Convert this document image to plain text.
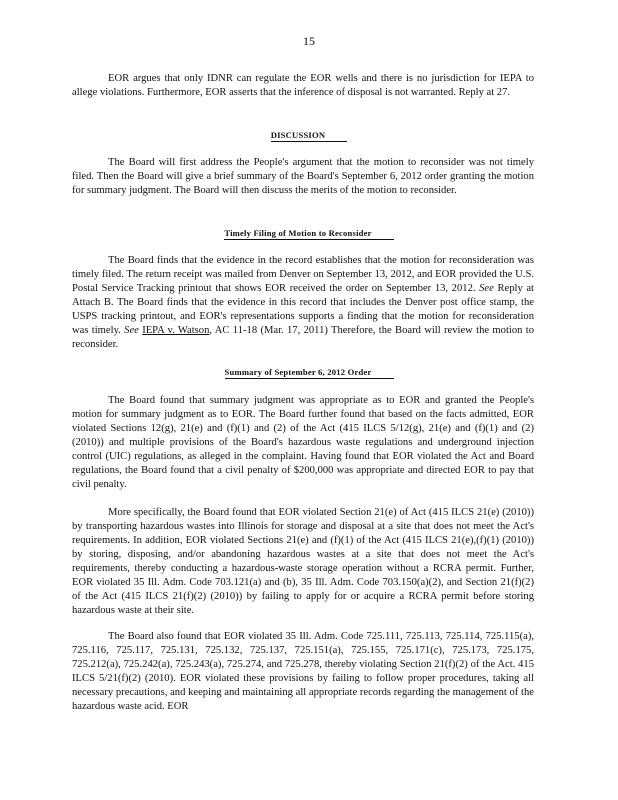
15

EOR argues that only IDNR can regulate the EOR wells and there is no jurisdiction for IEPA to allege violations. Furthermore, EOR asserts that the inference of disposal is not warranted. Reply at 27.

DISCUSSION

The Board will first address the People's argument that the motion to reconsider was not timely filed. Then the Board will give a brief summary of the Board's September 6, 2012 order granting the motion for summary judgment. The Board will then discuss the merits of the motion to reconsider.

Timely Filing of Motion to Reconsider

The Board finds that the evidence in the record establishes that the motion for reconsideration was timely filed. The return receipt was mailed from Denver on September 13, 2012, and EOR provided the U.S. Postal Service Tracking printout that shows EOR received the order on September 13, 2012. See Reply at Attach B. The Board finds that the evidence in this record that includes the Denver post office stamp, the USPS tracking printout, and EOR's representations supports a finding that the motion for reconsideration was timely. See IEPA v. Watson, AC 11-18 (Mar. 17, 2011) Therefore, the Board will review the motion to reconsider.

Summary of September 6, 2012 Order

The Board found that summary judgment was appropriate as to EOR and granted the People's motion for summary judgment as to EOR. The Board further found that based on the facts admitted, EOR violated Sections 12(g), 21(e) and (f)(1) and (2) of the Act (415 ILCS 5/12(g), 21(e) and (f)(1) and (2) (2010)) and multiple provisions of the Board's hazardous waste regulations and underground injection control (UIC) regulations, as alleged in the complaint. Having found that EOR violated the Act and Board regulations, the Board found that a civil penalty of $200,000 was appropriate and directed EOR to pay that civil penalty.

More specifically, the Board found that EOR violated Section 21(e) of Act (415 ILCS 21(e) (2010)) by transporting hazardous wastes into Illinois for storage and disposal at a site that does not meet the Act's requirements. In addition, EOR violated Sections 21(e) and (f)(1) of the Act (415 ILCS 21(e),(f)(1) (2010)) by storing, disposing, and/or abandoning hazardous wastes at a site that does not meet the Act's requirements, thereby conducting a hazardous-waste storage operation without a RCRA permit. Further, EOR violated 35 Ill. Adm. Code 703.121(a) and (b), 35 Ill. Adm. Code 703.150(a)(2), and Section 21(f)(2) of the Act (415 ILCS 21(f)(2) (2010)) by failing to apply for or acquire a RCRA permit before storing hazardous waste at their site.

The Board also found that EOR violated 35 Ill. Adm. Code 725.111, 725.113, 725.114, 725.115(a), 725.116, 725.117, 725.131, 725.132, 725.137, 725.151(a), 725.155, 725.171(c), 725.173, 725.175, 725.212(a), 725.242(a), 725.243(a), 725.274, and 725.278, thereby violating Section 21(f)(2) of the Act. 415 ILCS 5/21(f)(2) (2010). EOR violated these provisions by failing to follow proper procedures, taking all necessary precautions, and keeping and maintaining all appropriate records regarding the management of the hazardous waste acid. EOR
